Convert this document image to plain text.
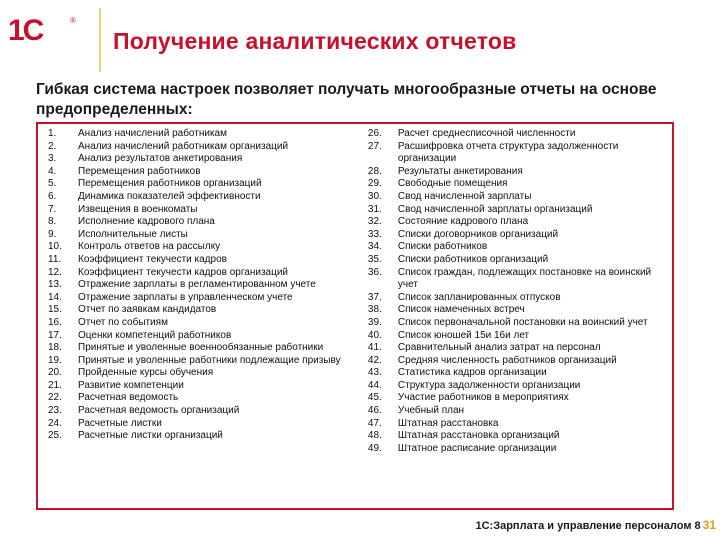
1С	®
Получение аналитических отчетов

Гибкая система настроек позволяет получать многообразные отчеты на основе предопределенных:

1.	Анализ начислений работникам
2.	Анализ начислений работникам организаций
3.	Анализ результатов анкетирования
4.	Перемещения работников
5.	Перемещения работников организаций
6.	Динамика показателей эффективности
7.	Извещения в военкоматы
8.	Исполнение кадрового плана
9.	Исполнительные листы
10.	Контроль ответов на рассылку
11.	Коэффициент текучести кадров
12.	Коэффициент текучести кадров организаций
13.	Отражение зарплаты в регламентированном учете
14.	Отражение зарплаты в управленческом учете
15.	Отчет по заявкам кандидатов
16.	Отчет по событиям
17.	Оценки компетенций работников
18.	Принятые и уволенные военнообязанные работники
19.	Принятые и уволенные работники подлежащие призыву
20.	Пройденные курсы обучения
21.	Развитие компетенции
22.	Расчетная ведомость
23.	Расчетная ведомость организаций
24.	Расчетные листки
25.	Расчетные листки организаций
26.	Расчет среднесписочной численности
27.	Расшифровка отчета структура задолженности организации
28.	Результаты анкетирования
29.	Свободные помещения
30.	Свод начисленной зарплаты
31.	Свод начисленной зарплаты организаций
32.	Состояние кадрового плана
33.	Списки договорников организаций
34.	Списки работников
35.	Списки работников организаций
36.	Список граждан, подлежащих постановке на воинский учет
37.	Список запланированных отпусков
38.	Список намеченных встреч
39.	Список первоначальной постановки на воинский учет
40.	Список юношей 15и 16и лет
41.	Сравнительный анализ затрат на персонал
42.	Средняя численность работников организаций
43.	Статистика кадров организации
44.	Структура задолженности организации
45.	Участие работников в мероприятиях
46.	Учебный план
47.	Штатная расстановка
48.	Штатная расстановка организаций
49.	Штатное расписание организации
1С:Зарплата и управление персоналом 8 31
